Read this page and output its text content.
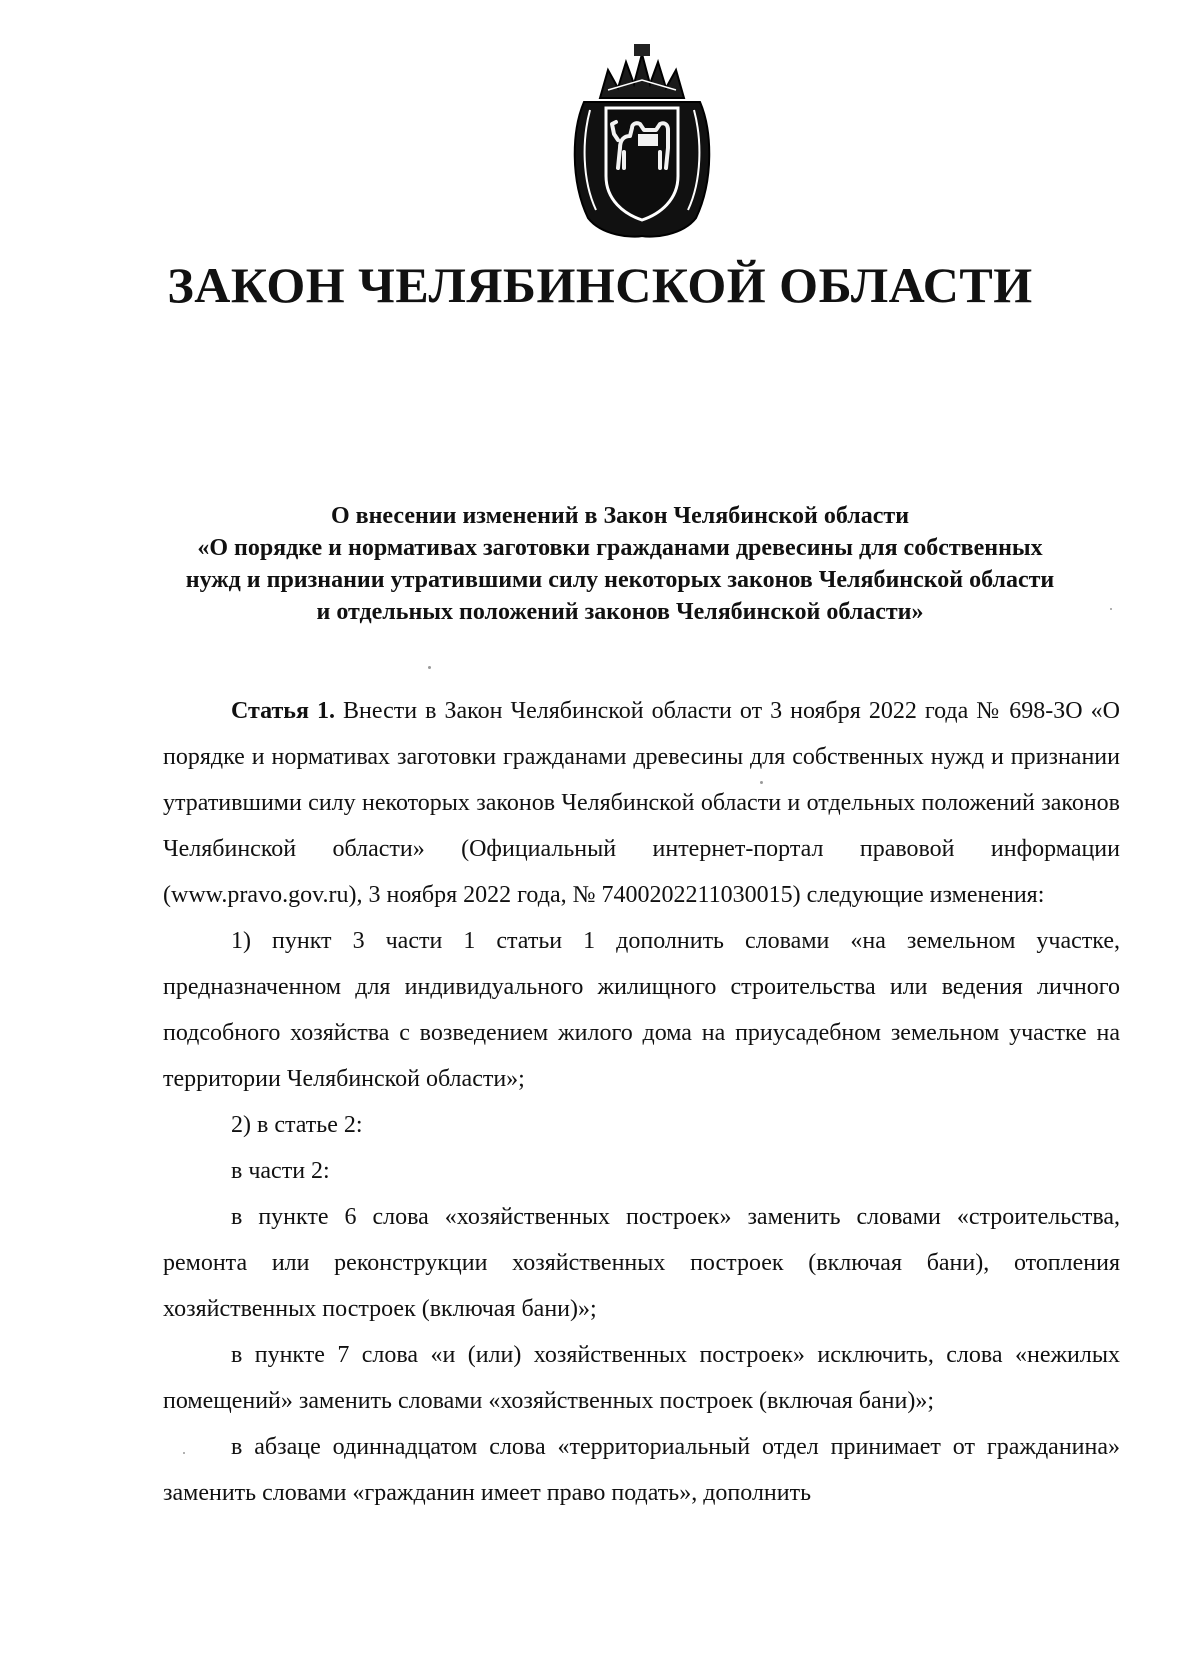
ЗАКОН ЧЕЛЯБИНСКОЙ ОБЛАСТИ
О внесении изменений в Закон Челябинской области
«О порядке и нормативах заготовки гражданами древесины для собственных
нужд и признании утратившими силу некоторых законов Челябинской области
и отдельных положений законов Челябинской области»

Статья 1. Внести в Закон Челябинской области от 3 ноября 2022 года № 698-ЗО «О порядке и нормативах заготовки гражданами древесины для собственных нужд и признании утратившими силу некоторых законов Челябинской области и отдельных положений законов Челябинской области» (Официальный интернет-портал правовой информации (www.pravo.gov.ru), 3 ноября 2022 года, № 7400202211030015) следующие изменения:

1) пункт 3 части 1 статьи 1 дополнить словами «на земельном участке, предназначенном для индивидуального жилищного строительства или ведения личного подсобного хозяйства с возведением жилого дома на приусадебном земельном участке на территории Челябинской области»;

2) в статье 2:

в части 2:

в пункте 6 слова «хозяйственных построек» заменить словами «строительства, ремонта или реконструкции хозяйственных построек (включая бани), отопления хозяйственных построек (включая бани)»;

в пункте 7 слова «и (или) хозяйственных построек» исключить, слова «нежилых помещений» заменить словами «хозяйственных построек (включая бани)»;

в абзаце одиннадцатом слова «территориальный отдел принимает от гражданина» заменить словами «гражданин имеет право подать», дополнить
